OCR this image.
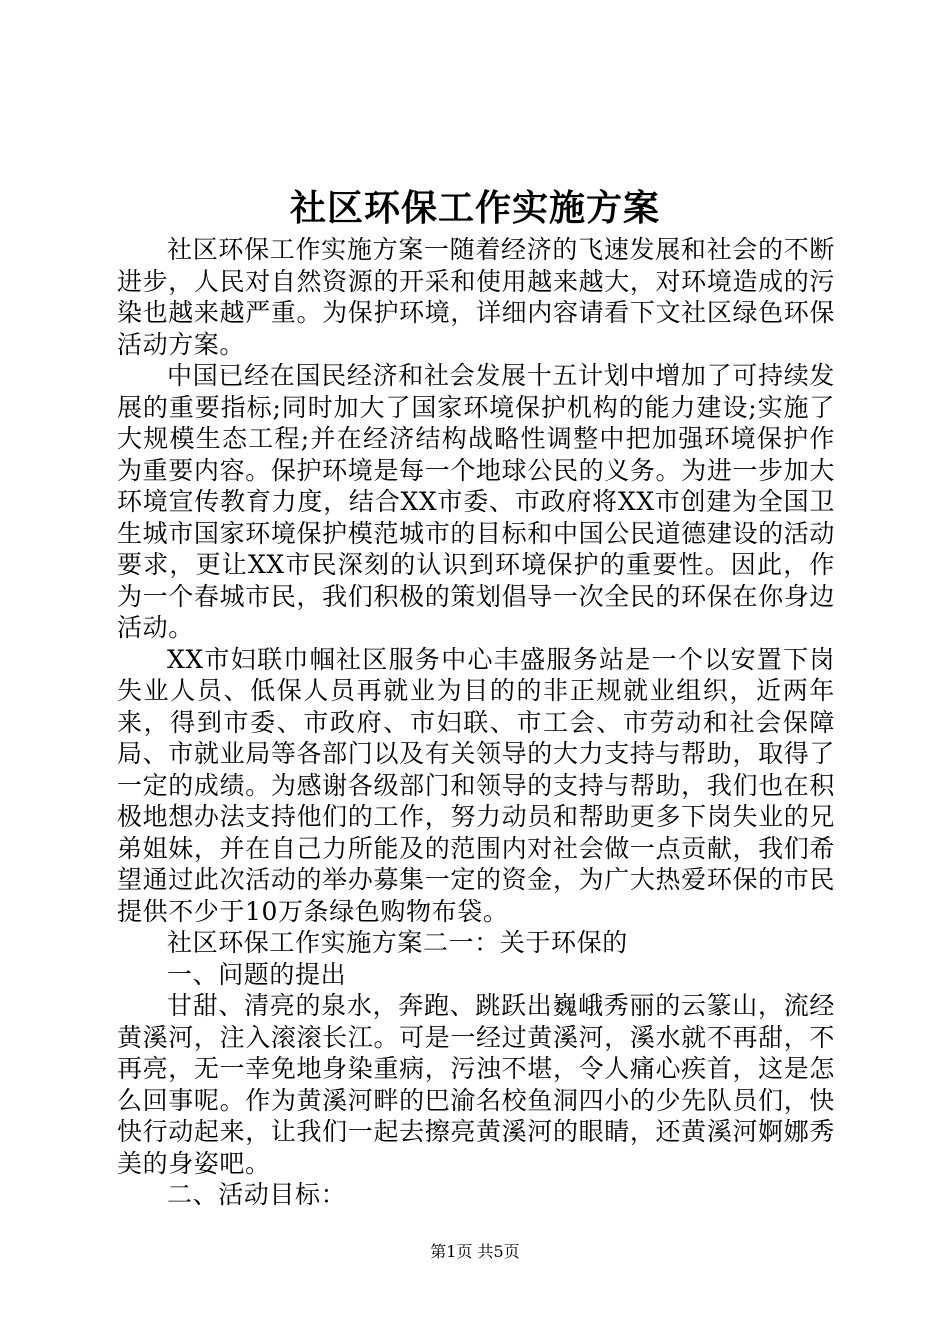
社区环保工作实施方案

社区环保工作实施方案一随着经济的飞速发展和社会的不断进步，人民对自然资源的开采和使用越来越大，对环境造成的污染也越来越严重。为保护环境，详细内容请看下文社区绿色环保活动方案。

中国已经在国民经济和社会发展十五计划中增加了可持续发展的重要指标;同时加大了国家环境保护机构的能力建设;实施了大规模生态工程;并在经济结构战略性调整中把加强环境保护作为重要内容。保护环境是每一个地球公民的义务。为进一步加大环境宣传教育力度，结合XX市委、市政府将XX市创建为全国卫生城市国家环境保护模范城市的目标和中国公民道德建设的活动要求，更让XX市民深刻的认识到环境保护的重要性。因此，作为一个春城市民，我们积极的策划倡导一次全民的环保在你身边活动。

XX市妇联巾帼社区服务中心丰盛服务站是一个以安置下岗失业人员、低保人员再就业为目的的非正规就业组织，近两年来，得到市委、市政府、市妇联、市工会、市劳动和社会保障局、市就业局等各部门以及有关领导的大力支持与帮助，取得了一定的成绩。为感谢各级部门和领导的支持与帮助，我们也在积极地想办法支持他们的工作，努力动员和帮助更多下岗失业的兄弟姐妹，并在自己力所能及的范围内对社会做一点贡献，我们希望通过此次活动的举办募集一定的资金，为广大热爱环保的市民提供不少于10万条绿色购物布袋。

社区环保工作实施方案二一：关于环保的

一、问题的提出

甘甜、清亮的泉水，奔跑、跳跃出巍峨秀丽的云篆山，流经黄溪河，注入滚滚长江。可是一经过黄溪河，溪水就不再甜，不再亮，无一幸免地身染重病，污浊不堪，令人痛心疾首，这是怎么回事呢。作为黄溪河畔的巴渝名校鱼洞四小的少先队员们，快快行动起来，让我们一起去擦亮黄溪河的眼睛，还黄溪河婀娜秀美的身姿吧。

二、活动目标：

第1页 共5页
